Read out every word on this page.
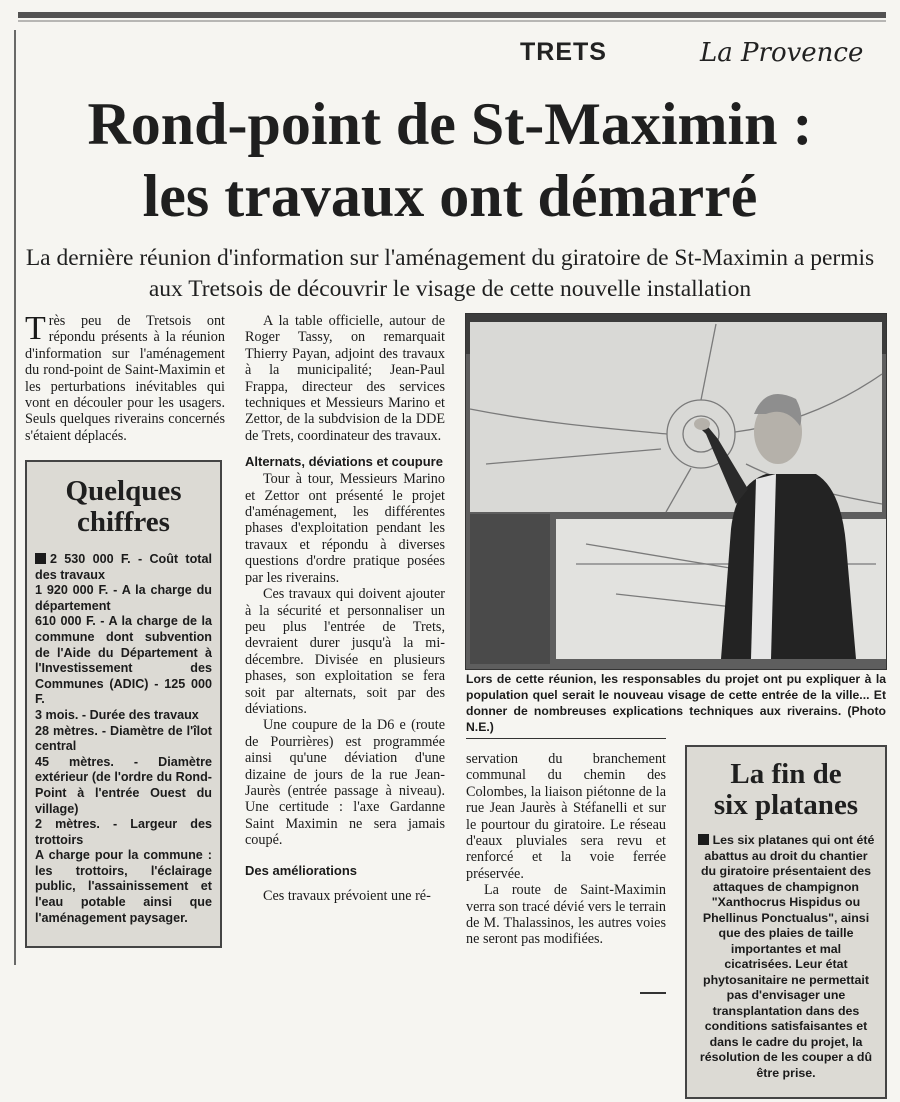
TRETS	La Provence
Rond-point de St-Maximin :
les travaux ont démarré
La dernière réunion d'information sur l'aménagement du giratoire de St-Maximin a permis aux Tretsois de découvrir le visage de cette nouvelle installation

Très peu de Tretsois ont répondu présents à la réunion d'information sur l'aménagement du rond-point de Saint-Maximin et les perturbations inévitables qui vont en découler pour les usagers. Seuls quelques riverains concernés s'étaient déplacés.

Quelques
chiffres
2 530 000 F. - Coût total des travaux
1 920 000 F. - A la charge du département
610 000 F. - A la charge de la commune dont subvention de l'Aide du Département à l'Investissement des Communes (ADIC) - 125 000 F.
3 mois. - Durée des travaux
28 mètres. - Diamètre de l'îlot central
45 mètres. - Diamètre extérieur (de l'ordre du Rond-Point à l'entrée Ouest du village)
2 mètres. - Largeur des trottoirs
A charge pour la commune : les trottoirs, l'éclairage public, l'assainissement et l'eau potable ainsi que l'aménagement paysager.

A la table officielle, autour de Roger Tassy, on remarquait Thierry Payan, adjoint des travaux à la municipalité; Jean-Paul Frappa, directeur des services techniques et Messieurs Marino et Zettor, de la subdvision de la DDE de Trets, coordinateur des travaux.

Alternats, déviations et coupure

Tour à tour, Messieurs Marino et Zettor ont présenté le projet d'aménagement, les différentes phases d'exploitation pendant les travaux et répondu à diverses questions d'ordre pratique posées par les riverains.

Ces travaux qui doivent ajouter à la sécurité et personnaliser un peu plus l'entrée de Trets, devraient durer jusqu'à la mi-décembre. Divisée en plusieurs phases, son exploitation se fera soit par alternats, soit par des déviations.

Une coupure de la D6 e (route de Pourrières) est programmée ainsi qu'une déviation d'une dizaine de jours de la rue Jean-Jaurès (entrée passage à niveau). Une certitude : l'axe Gardanne Saint Maximin ne sera jamais coupé.

Des améliorations

Ces travaux prévoient une ré-

Lors de cette réunion, les responsables du projet ont pu expliquer à la population quel serait le nouveau visage de cette entrée de la ville... Et donner de nombreuses explications techniques aux riverains. (Photo N.E.)

servation du branchement communal du chemin des Colombes, la liaison piétonne de la rue Jean Jaurès à Stéfanelli et sur le pourtour du giratoire. Le réseau d'eaux pluviales sera revu et renforcé et la voie ferrée préservée.

La route de Saint-Maximin verra son tracé dévié vers le terrain de M. Thalassinos, les autres voies ne seront pas modifiées.

La fin de
six platanes
Les six platanes qui ont été abattus au droit du chantier du giratoire présentaient des attaques de champignon "Xanthocrus Hispidus ou Phellinus Ponctualus", ainsi que des plaies de taille importantes et mal cicatrisées. Leur état phytosanitaire ne permettait pas d'envisager une transplantation dans des conditions satisfaisantes et dans le cadre du projet, la résolution de les couper a dû être prise.
